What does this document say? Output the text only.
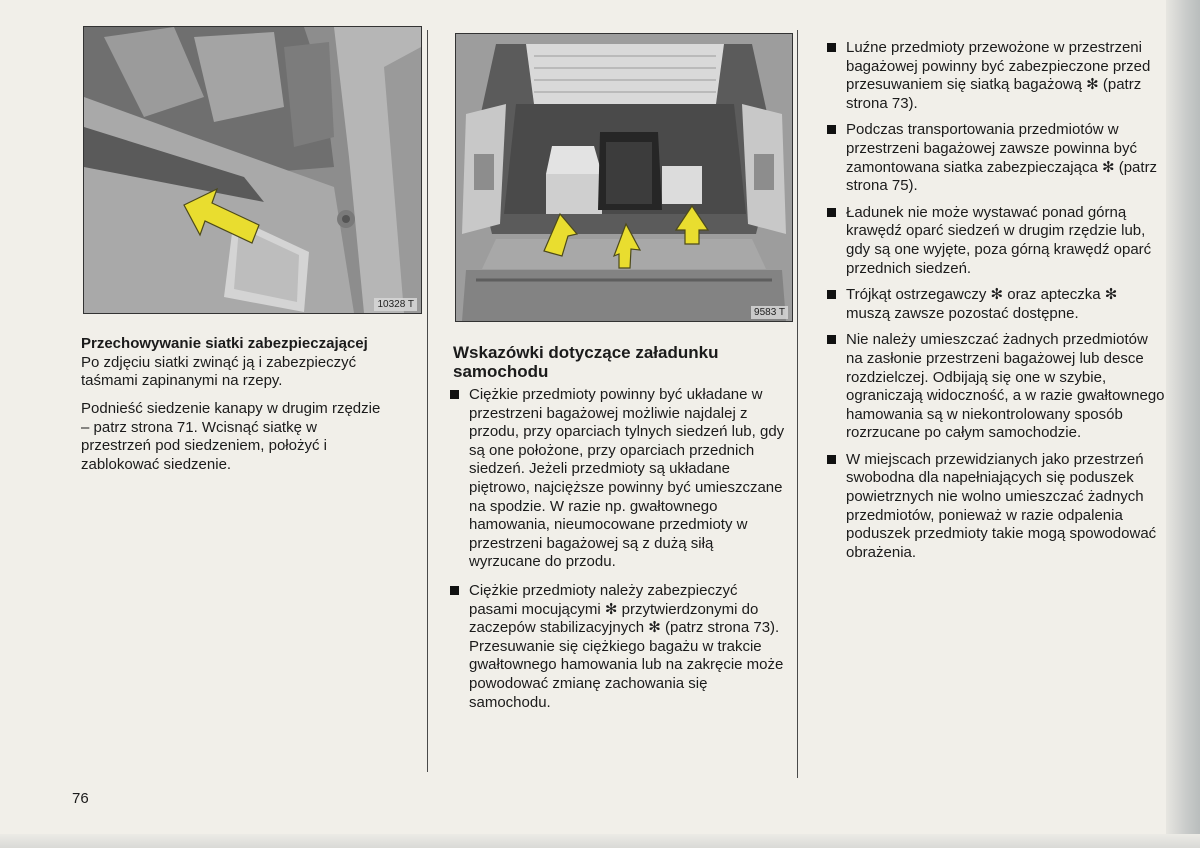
10328 T
9583 T

Przechowywanie siatki zabezpieczającej
Po zdjęciu siatki zwinąć ją i zabezpieczyć taśmami zapinanymi na rzepy.

Podnieść siedzenie kanapy w drugim rzędzie – patrz strona 71. Wcisnąć siatkę w przestrzeń pod siedzeniem, położyć i zablokować siedzenie.

Wskazówki dotyczące załadunku samochodu
Ciężkie przedmioty powinny być układane w przestrzeni bagażowej możliwie najdalej z przodu, przy oparciach tylnych siedzeń lub, gdy są one położone, przy oparciach przednich siedzeń. Jeżeli przedmioty są układane piętrowo, najcięższe powinny być umieszczane na spodzie. W razie np. gwałtownego hamowania, nieumocowane przedmioty w przestrzeni bagażowej są z dużą siłą wyrzucane do przodu.
Ciężkie przedmioty należy zabezpieczyć pasami mocującymi ✻ przytwierdzonymi do zaczepów stabilizacyjnych ✻ (patrz strona 73). Przesuwanie się ciężkiego bagażu w trakcie gwałtownego hamowania lub na zakręcie może powodować zmianę zachowania się samochodu.
Luźne przedmioty przewożone w przestrzeni bagażowej powinny być zabezpieczone przed przesuwaniem się siatką bagażową ✻ (patrz strona 73).
Podczas transportowania przedmiotów w przestrzeni bagażowej zawsze powinna być zamontowana siatka zabezpieczająca ✻ (patrz strona 75).
Ładunek nie może wystawać ponad górną krawędź oparć siedzeń w drugim rzędzie lub, gdy są one wyjęte, poza górną krawędź oparć przednich siedzeń.
Trójkąt ostrzegawczy ✻ oraz apteczka ✻ muszą zawsze pozostać dostępne.
Nie należy umieszczać żadnych przedmiotów na zasłonie przestrzeni bagażowej lub desce rozdzielczej. Odbijają się one w szybie, ograniczają widoczność, a w razie gwałtownego hamowania są w niekontrolowany sposób rozrzucane po całym samochodzie.
W miejscach przewidzianych jako przestrzeń swobodna dla napełniających się poduszek powietrznych nie wolno umieszczać żadnych przedmiotów, ponieważ w razie odpalenia poduszek przedmioty takie mogą spowodować obrażenia.
76
